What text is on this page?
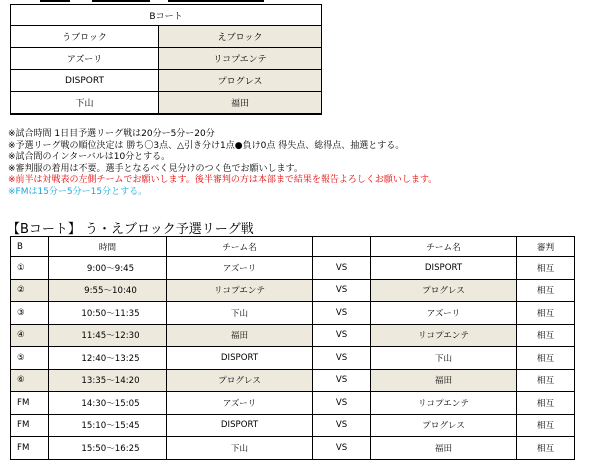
Bコート	
うブロック	えブロック
アズーリ	リコプエンテ
DISPORT	プログレス
下山	福田
※試合時間 1日目予選リーグ戦は20分ー5分ー20分
※予選リーグ戦の順位決定は 勝ち〇3点、△引き分け1点●負け0点 得失点、総得点、抽選とする。
※試合間のインターバルは10分とする。
※審判服の着用は不要。選手となるべく見分けのつく色でお願いします。
※前半は対戦表の左側チームでお願いします。後半審判の方は本部まで結果を報告よろしくお願いします。
※FMは15分ー5分ー15分とする。
【Bコート】 う・えブロック予選リーグ戦
B	時間	チーム名		チーム名	審判
①	9:00～9:45	アズーリ	VS	DISPORT	相互
②	9:55～10:40	リコプエンテ	VS	プログレス	相互
③	10:50～11:35	下山	VS	アズーリ	相互
④	11:45～12:30	福田	VS	リコプエンテ	相互
⑤	12:40～13:25	DISPORT	VS	下山	相互
⑥	13:35～14:20	プログレス	VS	福田	相互
FM	14:30～15:05	アズーリ	VS	リコプエンテ	相互
FM	15:10～15:45	DISPORT	VS	プログレス	相互
FM	15:50～16:25	下山	VS	福田	相互
